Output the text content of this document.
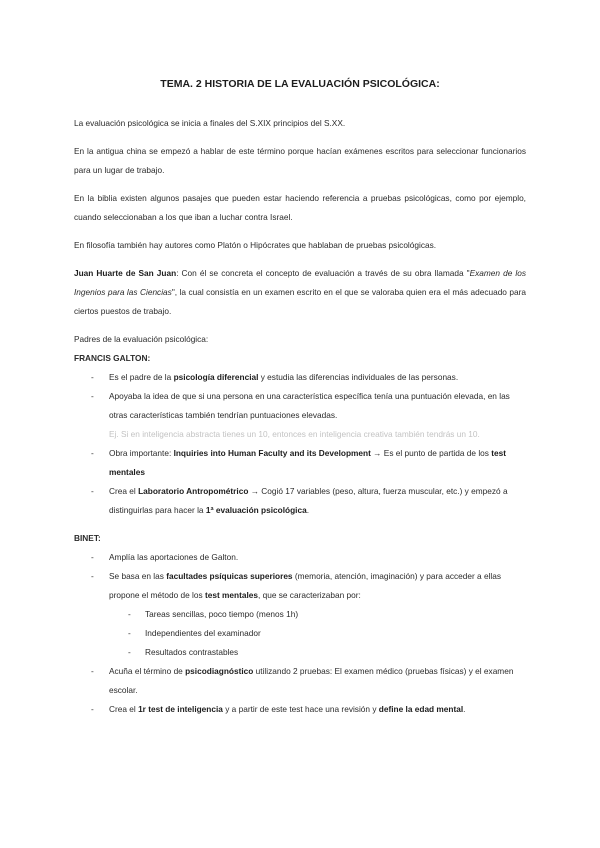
TEMA. 2 HISTORIA DE LA EVALUACIÓN PSICOLÓGICA:

La evaluación psicológica se inicia a finales del S.XIX principios del S.XX.

En la antigua china se empezó a hablar de este término porque hacían exámenes escritos para seleccionar funcionarios para un lugar de trabajo.

En la biblia existen algunos pasajes que pueden estar haciendo referencia a pruebas psicológicas, como por ejemplo, cuando seleccionaban a los que iban a luchar contra Israel.

En filosofía también hay autores como Platón o Hipócrates que hablaban de pruebas psicológicas.

Juan Huarte de San Juan: Con él se concreta el concepto de evaluación a través de su obra llamada "Examen de los Ingenios para las Ciencias", la cual consistía en un examen escrito en el que se valoraba quien era el más adecuado para ciertos puestos de trabajo.

Padres de la evaluación psicológica:

FRANCIS GALTON:

- Es el padre de la psicología diferencial y estudia las diferencias individuales de las personas.
- Apoyaba la idea de que si una persona en una característica específica tenía una puntuación elevada, en las otras características también tendrían puntuaciones elevadas.
Ej. Si en inteligencia abstracta tienes un 10, entonces en inteligencia creativa también tendrás un 10.
- Obra importante: Inquiries into Human Faculty and its Development → Es el punto de partida de los test mentales
- Crea el Laboratorio Antropométrico → Cogió 17 variables (peso, altura, fuerza muscular, etc.) y empezó a distinguirlas para hacer la 1ª evaluación psicológica.

BINET:

- Amplía las aportaciones de Galton.
- Se basa en las facultades psíquicas superiores (memoria, atención, imaginación) y para acceder a ellas propone el método de los test mentales, que se caracterizaban por:
- Tareas sencillas, poco tiempo (menos 1h)
- Independientes del examinador
- Resultados contrastables
- Acuña el término de psicodiagnóstico utilizando 2 pruebas: El examen médico (pruebas físicas) y el examen escolar.
- Crea el 1r test de inteligencia y a partir de este test hace una revisión y define la edad mental.
